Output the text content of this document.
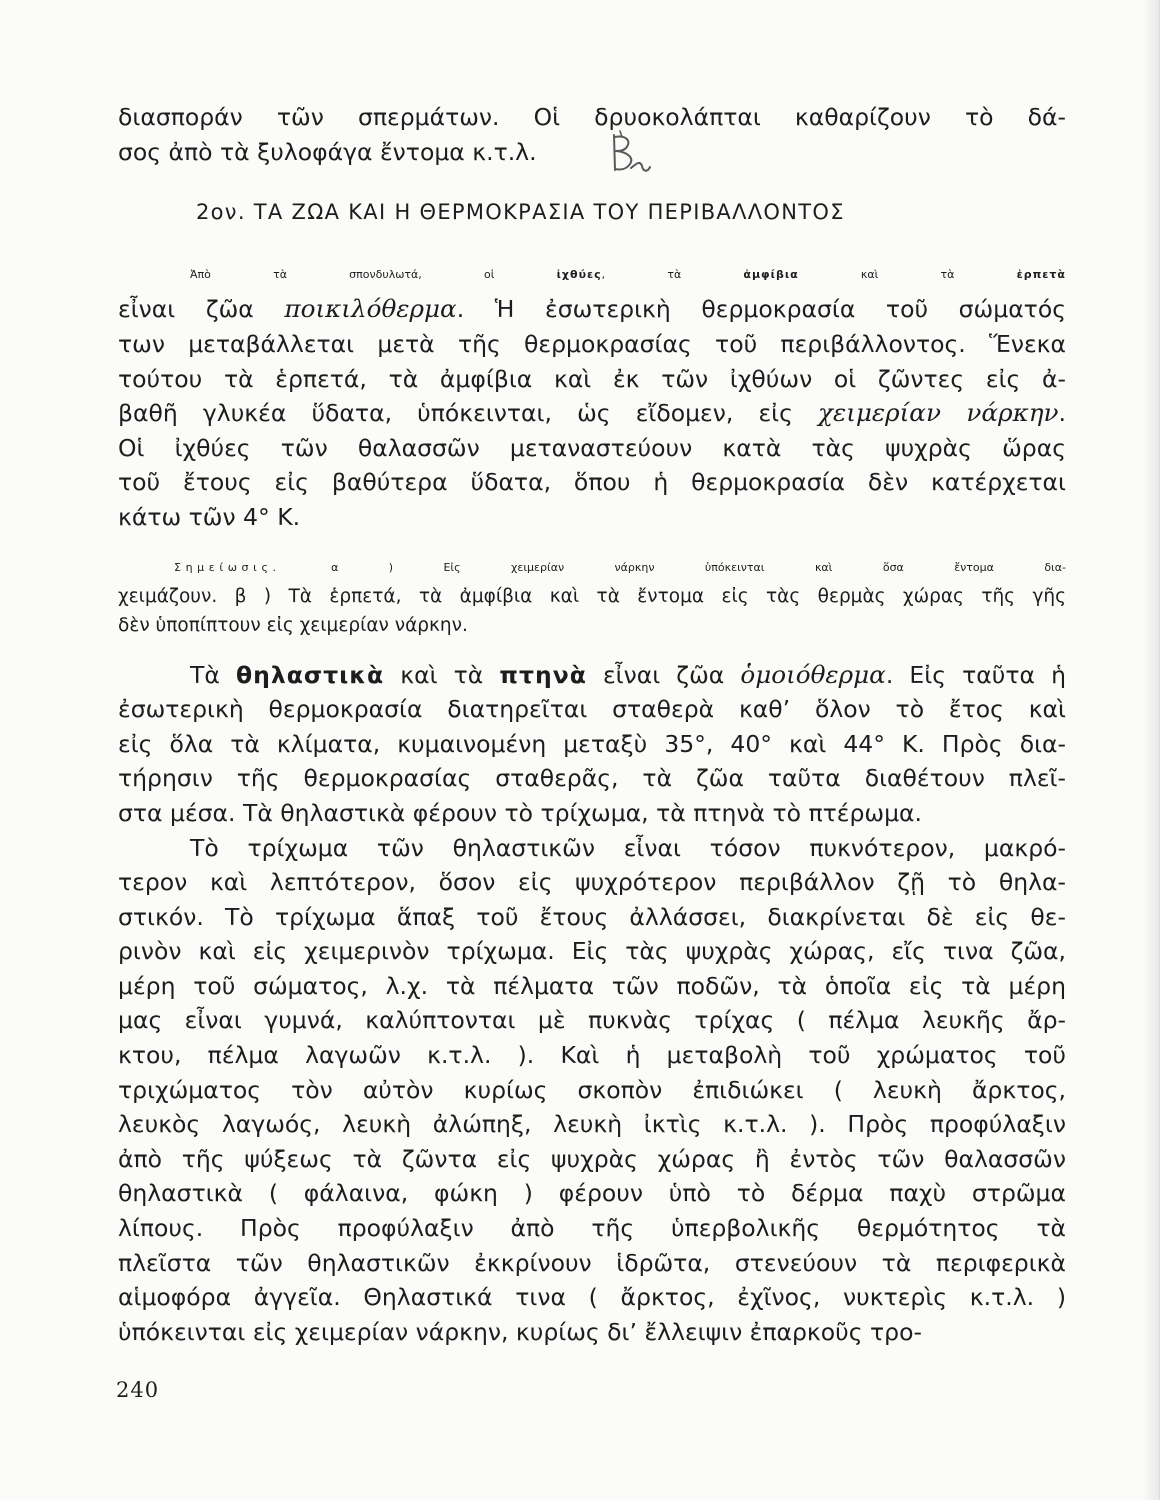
διασποράν τῶν σπερμάτων. Οἱ δρυοκολάπται καθαρίζουν τὸ δά-
σος ἀπὸ τὰ ξυλοφάγα ἔντομα κ.τ.λ.
2ον. ΤΑ ΖΩΑ ΚΑΙ Η ΘΕΡΜΟΚΡΑΣΙΑ ΤΟΥ ΠΕΡΙΒΑΛΛΟΝΤΟΣ
Ἀπὸ τὰ σπονδυλωτά, οἱ ἰχθύες, τὰ ἀμφίβια καὶ τὰ ἑρπετὰ
εἶναι ζῶα ποικιλόθερμα. Ἡ ἐσωτερικὴ θερμοκρασία τοῦ σώματός
των μεταβάλλεται μετὰ τῆς θερμοκρασίας τοῦ περιβάλλοντος. Ἕνεκα
τούτου τὰ ἑρπετά, τὰ ἀμφίβια καὶ ἐκ τῶν ἰχθύων οἱ ζῶντες εἰς ἀ-
βαθῆ γλυκέα ὕδατα, ὑπόκεινται, ὡς εἴδομεν, εἰς χειμερίαν νάρκην.
Οἱ ἰχθύες τῶν θαλασσῶν μεταναστεύουν κατὰ τὰς ψυχρὰς ὥρας
τοῦ ἔτους εἰς βαθύτερα ὕδατα, ὅπου ἡ θερμοκρασία δὲν κατέρχεται
κάτω τῶν 4° Κ.
Σημείωσις. α ) Εἰς χειμερίαν νάρκην ὑπόκεινται καὶ ὅσα ἔντομα δια-
χειμάζουν. β ) Τὰ ἑρπετά, τὰ ἀμφίβια καὶ τὰ ἔντομα εἰς τὰς θερμὰς χώρας τῆς γῆς
δὲν ὑποπίπτουν εἰς χειμερίαν νάρκην.
Τὰ θηλαστικὰ καὶ τὰ πτηνὰ εἶναι ζῶα ὁμοιόθερμα. Εἰς ταῦτα ἡ
ἐσωτερικὴ θερμοκρασία διατηρεῖται σταθερὰ καθ’ ὅλον τὸ ἔτος καὶ
εἰς ὅλα τὰ κλίματα, κυμαινομένη μεταξὺ 35°, 40° καὶ 44° Κ. Πρὸς δια-
τήρησιν τῆς θερμοκρασίας σταθερᾶς, τὰ ζῶα ταῦτα διαθέτουν πλεῖ-
στα μέσα. Τὰ θηλαστικὰ φέρουν τὸ τρίχωμα, τὰ πτηνὰ τὸ πτέρωμα.
Τὸ τρίχωμα τῶν θηλαστικῶν εἶναι τόσον πυκνότερον, μακρό-
τερον καὶ λεπτότερον, ὅσον εἰς ψυχρότερον περιβάλλον ζῇ τὸ θηλα-
στικόν. Τὸ τρίχωμα ἅπαξ τοῦ ἔτους ἀλλάσσει, διακρίνεται δὲ εἰς θε-
ρινὸν καὶ εἰς χειμερινὸν τρίχωμα. Εἰς τὰς ψυχρὰς χώρας, εἴς τινα ζῶα,
μέρη τοῦ σώματος, λ.χ. τὰ πέλματα τῶν ποδῶν, τὰ ὁποῖα εἰς τὰ μέρη
μας εἶναι γυμνά, καλύπτονται μὲ πυκνὰς τρίχας ( πέλμα λευκῆς ἄρ-
κτου, πέλμα λαγωῶν κ.τ.λ. ). Καὶ ἡ μεταβολὴ τοῦ χρώματος τοῦ
τριχώματος τὸν αὐτὸν κυρίως σκοπὸν ἐπιδιώκει ( λευκὴ ἄρκτος,
λευκὸς λαγωός, λευκὴ ἀλώπηξ, λευκὴ ἰκτὶς κ.τ.λ. ). Πρὸς προφύλαξιν
ἀπὸ τῆς ψύξεως τὰ ζῶντα εἰς ψυχρὰς χώρας ἢ ἐντὸς τῶν θαλασσῶν
θηλαστικὰ ( φάλαινα, φώκη ) φέρουν ὑπὸ τὸ δέρμα παχὺ στρῶμα
λίπους. Πρὸς προφύλαξιν ἀπὸ τῆς ὑπερβολικῆς θερμότητος τὰ
πλεῖστα τῶν θηλαστικῶν ἐκκρίνουν ἱδρῶτα, στενεύουν τὰ περιφερικὰ
αἱμοφόρα ἀγγεῖα. Θηλαστικά τινα ( ἄρκτος, ἐχῖνος, νυκτερὶς κ.τ.λ. )
ὑπόκεινται εἰς χειμερίαν νάρκην, κυρίως δι’ ἔλλειψιν ἐπαρκοῦς τρο-
240
